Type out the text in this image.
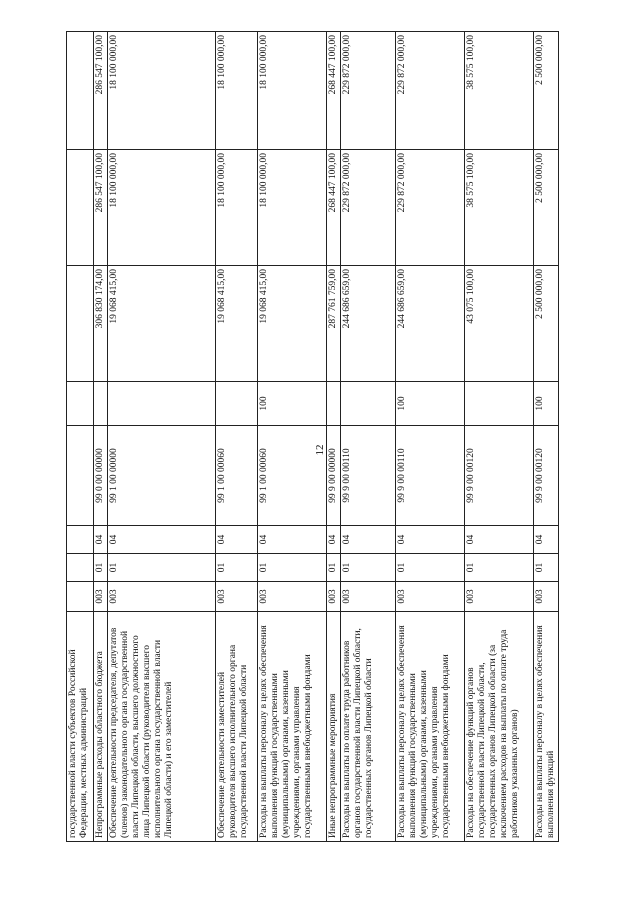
12
государственной власти субъектов Российской Федерации, местных администраций								
Непрограммные расходы областного бюджета	003	01	04	99 0 00 00000		306 830 174,00	286 547 100,00	286 547 100,00
Обеспечение деятельности председателя, депутатов (членов) законодательного органа государственной власти Липецкой области, высшего должностного лица Липецкой области (руководителя высшего исполнительного органа государственной власти Липецкой области) и его заместителей	003	01	04	99 1 00 00000		19 068 415,00	18 100 000,00	18 100 000,00
Обеспечение деятельности заместителей руководителя высшего исполнительного органа государственной власти Липецкой области	003	01	04	99 1 00 00060		19 068 415,00	18 100 000,00	18 100 000,00
Расходы на выплаты персоналу в целях обеспечения выполнения функций государственными (муниципальными) органами, казенными учреждениями, органами управления государственными внебюджетными фондами	003	01	04	99 1 00 00060	100	19 068 415,00	18 100 000,00	18 100 000,00
Иные непрограммные мероприятия	003	01	04	99 9 00 00000		287 761 759,00	268 447 100,00	268 447 100,00
Расходы на выплаты по оплате труда работников органов государственной власти Липецкой области, государственных органов Липецкой области	003	01	04	99 9 00 00110		244 686 659,00	229 872 000,00	229 872 000,00
Расходы на выплаты персоналу в целях обеспечения выполнения функций государственными (муниципальными) органами, казенными учреждениями, органами управления государственными внебюджетными фондами	003	01	04	99 9 00 00110	100	244 686 659,00	229 872 000,00	229 872 000,00
Расходы на обеспечение функций органов государственной власти Липецкой области, государственных органов Липецкой области (за исключением расходов на выплаты по оплате труда работников указанных органов)	003	01	04	99 9 00 00120		43 075 100,00	38 575 100,00	38 575 100,00
Расходы на выплаты персоналу в целях обеспечения выполнения функций	003	01	04	99 9 00 00120	100	2 500 000,00	2 500 000,00	2 500 000,00
